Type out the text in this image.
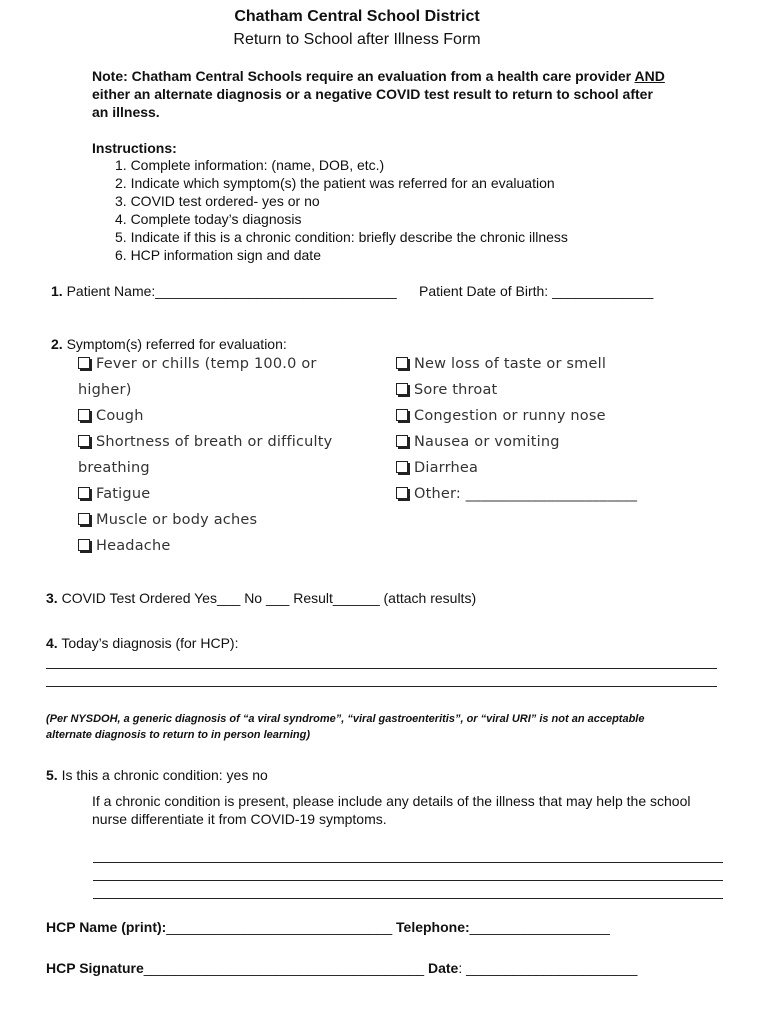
Chatham Central School District
Return to School after Illness Form
Note: Chatham Central Schools require an evaluation from a health care provider AND either an alternate diagnosis or a negative COVID test result to return to school after an illness.
Instructions:
1. Complete information: (name, DOB, etc.)
2. Indicate which symptom(s) the patient was referred for an evaluation
3. COVID test ordered- yes or no
4. Complete today’s diagnosis
5. Indicate if this is a chronic condition: briefly describe the chronic illness
6. HCP information sign and date
1. Patient Name:_______________________________ Patient Date of Birth: _____________
2. Symptom(s) referred for evaluation:
Fever or chills (temp 100.0 or
higher)
Cough
Shortness of breath or difficulty
breathing
Fatigue
Muscle or body aches
Headache
New loss of taste or smell
Sore throat
Congestion or runny nose
Nausea or vomiting
Diarrhea
Other: _______________________
3. COVID Test Ordered Yes___ No ___ Result______ (attach results)
4. Today’s diagnosis (for HCP):
(Per NYSDOH, a generic diagnosis of “a viral syndrome”, “viral gastroenteritis”, or “viral URI” is not an acceptable alternate diagnosis to return to in person learning)
5. Is this a chronic condition: yes no
If a chronic condition is present, please include any details of the illness that may help the school nurse differentiate it from COVID-19 symptoms.
HCP Name (print):_____________________________ Telephone:__________________
HCP Signature____________________________________ Date: ______________________
